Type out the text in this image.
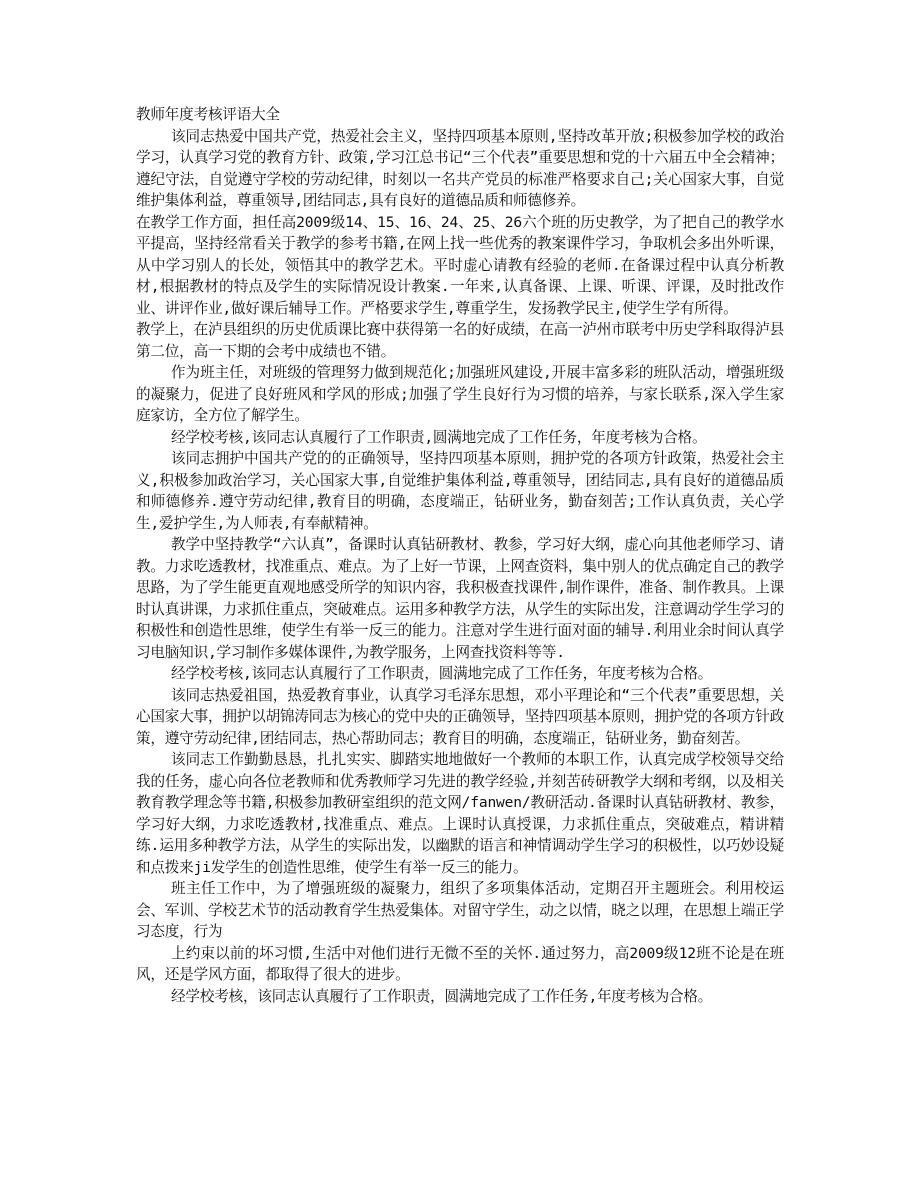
教师年度考核评语大全

该同志热爱中国共产党，热爱社会主义，坚持四项基本原则,坚持改革开放;积极参加学校的政治学习，认真学习党的教育方针、政策,学习江总书记“三个代表”重要思想和党的十六届五中全会精神；遵纪守法，自觉遵守学校的劳动纪律，时刻以一名共产党员的标准严格要求自己;关心国家大事，自觉维护集体利益，尊重领导,团结同志,具有良好的道德品质和师德修养。

在教学工作方面，担任高2009级14、15、16、24、25、26六个班的历史教学，为了把自己的教学水平提高，坚持经常看关于教学的参考书籍,在网上找一些优秀的教案课件学习，争取机会多出外听课，从中学习别人的长处，领悟其中的教学艺术。平时虚心请教有经验的老师.在备课过程中认真分析教材,根据教材的特点及学生的实际情况设计教案.一年来,认真备课、上课、听课、评课，及时批改作业、讲评作业,做好课后辅导工作。严格要求学生,尊重学生，发扬教学民主,使学生学有所得。

教学上，在泸县组织的历史优质课比赛中获得第一名的好成绩，在高一泸州市联考中历史学科取得泸县第二位，高一下期的会考中成绩也不错。

作为班主任，对班级的管理努力做到规范化;加强班风建设,开展丰富多彩的班队活动，增强班级的凝聚力，促进了良好班风和学风的形成;加强了学生良好行为习惯的培养，与家长联系,深入学生家庭家访，全方位了解学生。

经学校考核,该同志认真履行了工作职责,圆满地完成了工作任务，年度考核为合格。

该同志拥护中国共产党的的正确领导，坚持四项基本原则，拥护党的各项方针政策，热爱社会主义,积极参加政治学习，关心国家大事,自觉维护集体利益,尊重领导，团结同志,具有良好的道德品质和师德修养.遵守劳动纪律,教育目的明确，态度端正，钻研业务，勤奋刻苦;工作认真负责，关心学生,爱护学生,为人师表,有奉献精神。

教学中坚持教学“六认真”，备课时认真钻研教材、教参，学习好大纲，虚心向其他老师学习、请教。力求吃透教材，找准重点、难点。为了上好一节课，上网查资料，集中别人的优点确定自己的教学思路，为了学生能更直观地感受所学的知识内容，我积极查找课件,制作课件，准备、制作教具。上课时认真讲课，力求抓住重点，突破难点。运用多种教学方法，从学生的实际出发，注意调动学生学习的积极性和创造性思维，使学生有举一反三的能力。注意对学生进行面对面的辅导.利用业余时间认真学习电脑知识,学习制作多媒体课件,为教学服务，上网查找资料等等.

经学校考核,该同志认真履行了工作职责，圆满地完成了工作任务，年度考核为合格。

该同志热爱祖国，热爱教育事业，认真学习毛泽东思想，邓小平理论和“三个代表”重要思想，关心国家大事，拥护以胡锦涛同志为核心的党中央的正确领导，坚持四项基本原则，拥护党的各项方针政策，遵守劳动纪律,团结同志，热心帮助同志；教育目的明确，态度端正，钻研业务，勤奋刻苦。

该同志工作勤勤恳恳，扎扎实实、脚踏实地地做好一个教师的本职工作，认真完成学校领导交给我的任务，虚心向各位老教师和优秀教师学习先进的教学经验,并刻苦砖研教学大纲和考纲，以及相关教育教学理念等书籍,积极参加教研室组织的范文网/fanwen/教研活动.备课时认真钻研教材、教参，学习好大纲，力求吃透教材,找准重点、难点。上课时认真授课，力求抓住重点，突破难点，精讲精练.运用多种教学方法，从学生的实际出发，以幽默的语言和神情调动学生学习的积极性，以巧妙设疑和点拨来ji发学生的创造性思维，使学生有举一反三的能力。

班主任工作中，为了增强班级的凝聚力，组织了多项集体活动，定期召开主题班会。利用校运会、军训、学校艺术节的活动教育学生热爱集体。对留守学生，动之以情，晓之以理，在思想上端正学习态度，行为

上约束以前的坏习惯,生活中对他们进行无微不至的关怀.通过努力，高2009级12班不论是在班风，还是学风方面，都取得了很大的进步。

经学校考核，该同志认真履行了工作职责，圆满地完成了工作任务,年度考核为合格。
